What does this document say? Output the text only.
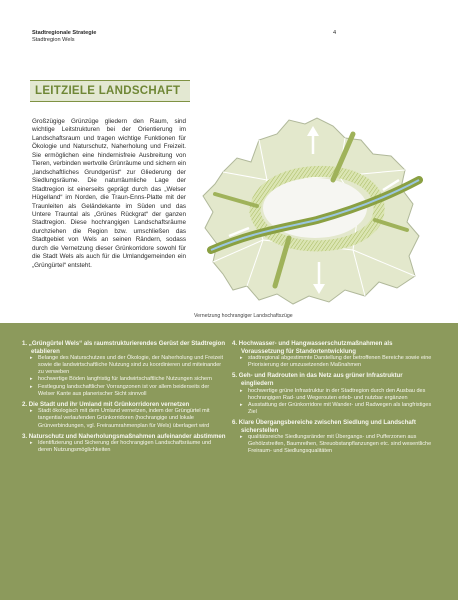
Stadtregionale Strategie
Stadtregion Wels
4
LEITZIELE LANDSCHAFT

Großzügige Grünzüge gliedern den Raum, sind wichtige Leitstrukturen bei der Orientierung im Landschaftsraum und tragen wichtige Funktionen für Ökologie und Naturschutz, Naherholung und Freizeit. Sie ermöglichen eine hindernisfreie Ausbreitung von Tieren, verbinden wertvolle Grünräume und sichern ein „landschaftliches Grundgerüst“ zur Gliederung der Siedlungsräume. Die naturräumliche Lage der Stadtregion ist einerseits geprägt durch das „Welser Hügelland“ im Norden, die Traun-Enns-Platte mit der Traunleiten als Geländekante im Süden und das Untere Trauntal als „Grünes Rückgrat“ der ganzen Stadtregion. Diese hochrangigen Landschaftsräume durchziehen die Region bzw. umschließen das Stadtgebiet von Wels an seinen Rändern, sodass durch die Vernetzung dieser Grünkorridore sowohl für die Stadt Wels als auch für die Umlandgemeinden ein „Grüngürtel“ entsteht.

Vernetzung hochrangiger Landschaftszüge
1. „Grüngürtel Wels“ als raumstrukturierendes Gerüst der Stadtregion etablieren
▸ Belange des Naturschutzes und der Ökologie, der Naherholung und Freizeit sowie die landwirtschaftliche Nutzung sind zu koordinieren und miteinander zu verweben
▸ hochwertige Böden langfristig für landwirtschaftliche Nutzungen sichern
▸ Festlegung landschaftlicher Vorrangzonen ist vor allem beiderseits der Welser Kante aus planerischer Sicht sinnvoll
2. Die Stadt und ihr Umland mit Grünkorridoren vernetzen
▸ Stadt ökologisch mit dem Umland vernetzen, indem der Grüngürtel mit tangential verlaufenden Grünkorridoren (hochrangige und lokale Grünverbindungen, vgl. Freiraumrahmenplan für Wels) überlagert wird
3. Naturschutz und Naherholungsmaßnahmen aufeinander abstimmen
▸ Identifizierung und Sicherung der hochrangigen Landschaftsräume und deren Nutzungsmöglichkeiten
4. Hochwasser- und Hangwasserschutzmaßnahmen als Voraussetzung für Standortentwicklung
▸ stadtregional abgestimmte Darstellung der betroffenen Bereiche sowie eine Priorisierung der umzusetzenden Maßnahmen
5. Geh- und Radrouten in das Netz aus grüner Infrastruktur eingliedern
▸ hochwertige grüne Infrastruktur in der Stadtregion durch den Ausbau des hochrangigen Rad- und Wegerouten erleb- und nutzbar ergänzen
▸ Ausstattung der Grünkorridore mit Wander- und Radwegen als langfristiges Ziel
6. Klare Übergangsbereiche zwischen Siedlung und Landschaft sicherstellen
▸ qualitätsreiche Siedlungsränder mit Übergangs- und Pufferzonen aus Gehölzstreifen, Baumreihen, Streuobstanpflanzungen etc. sind wesentliche Freiraum- und Siedlungsqualitäten
